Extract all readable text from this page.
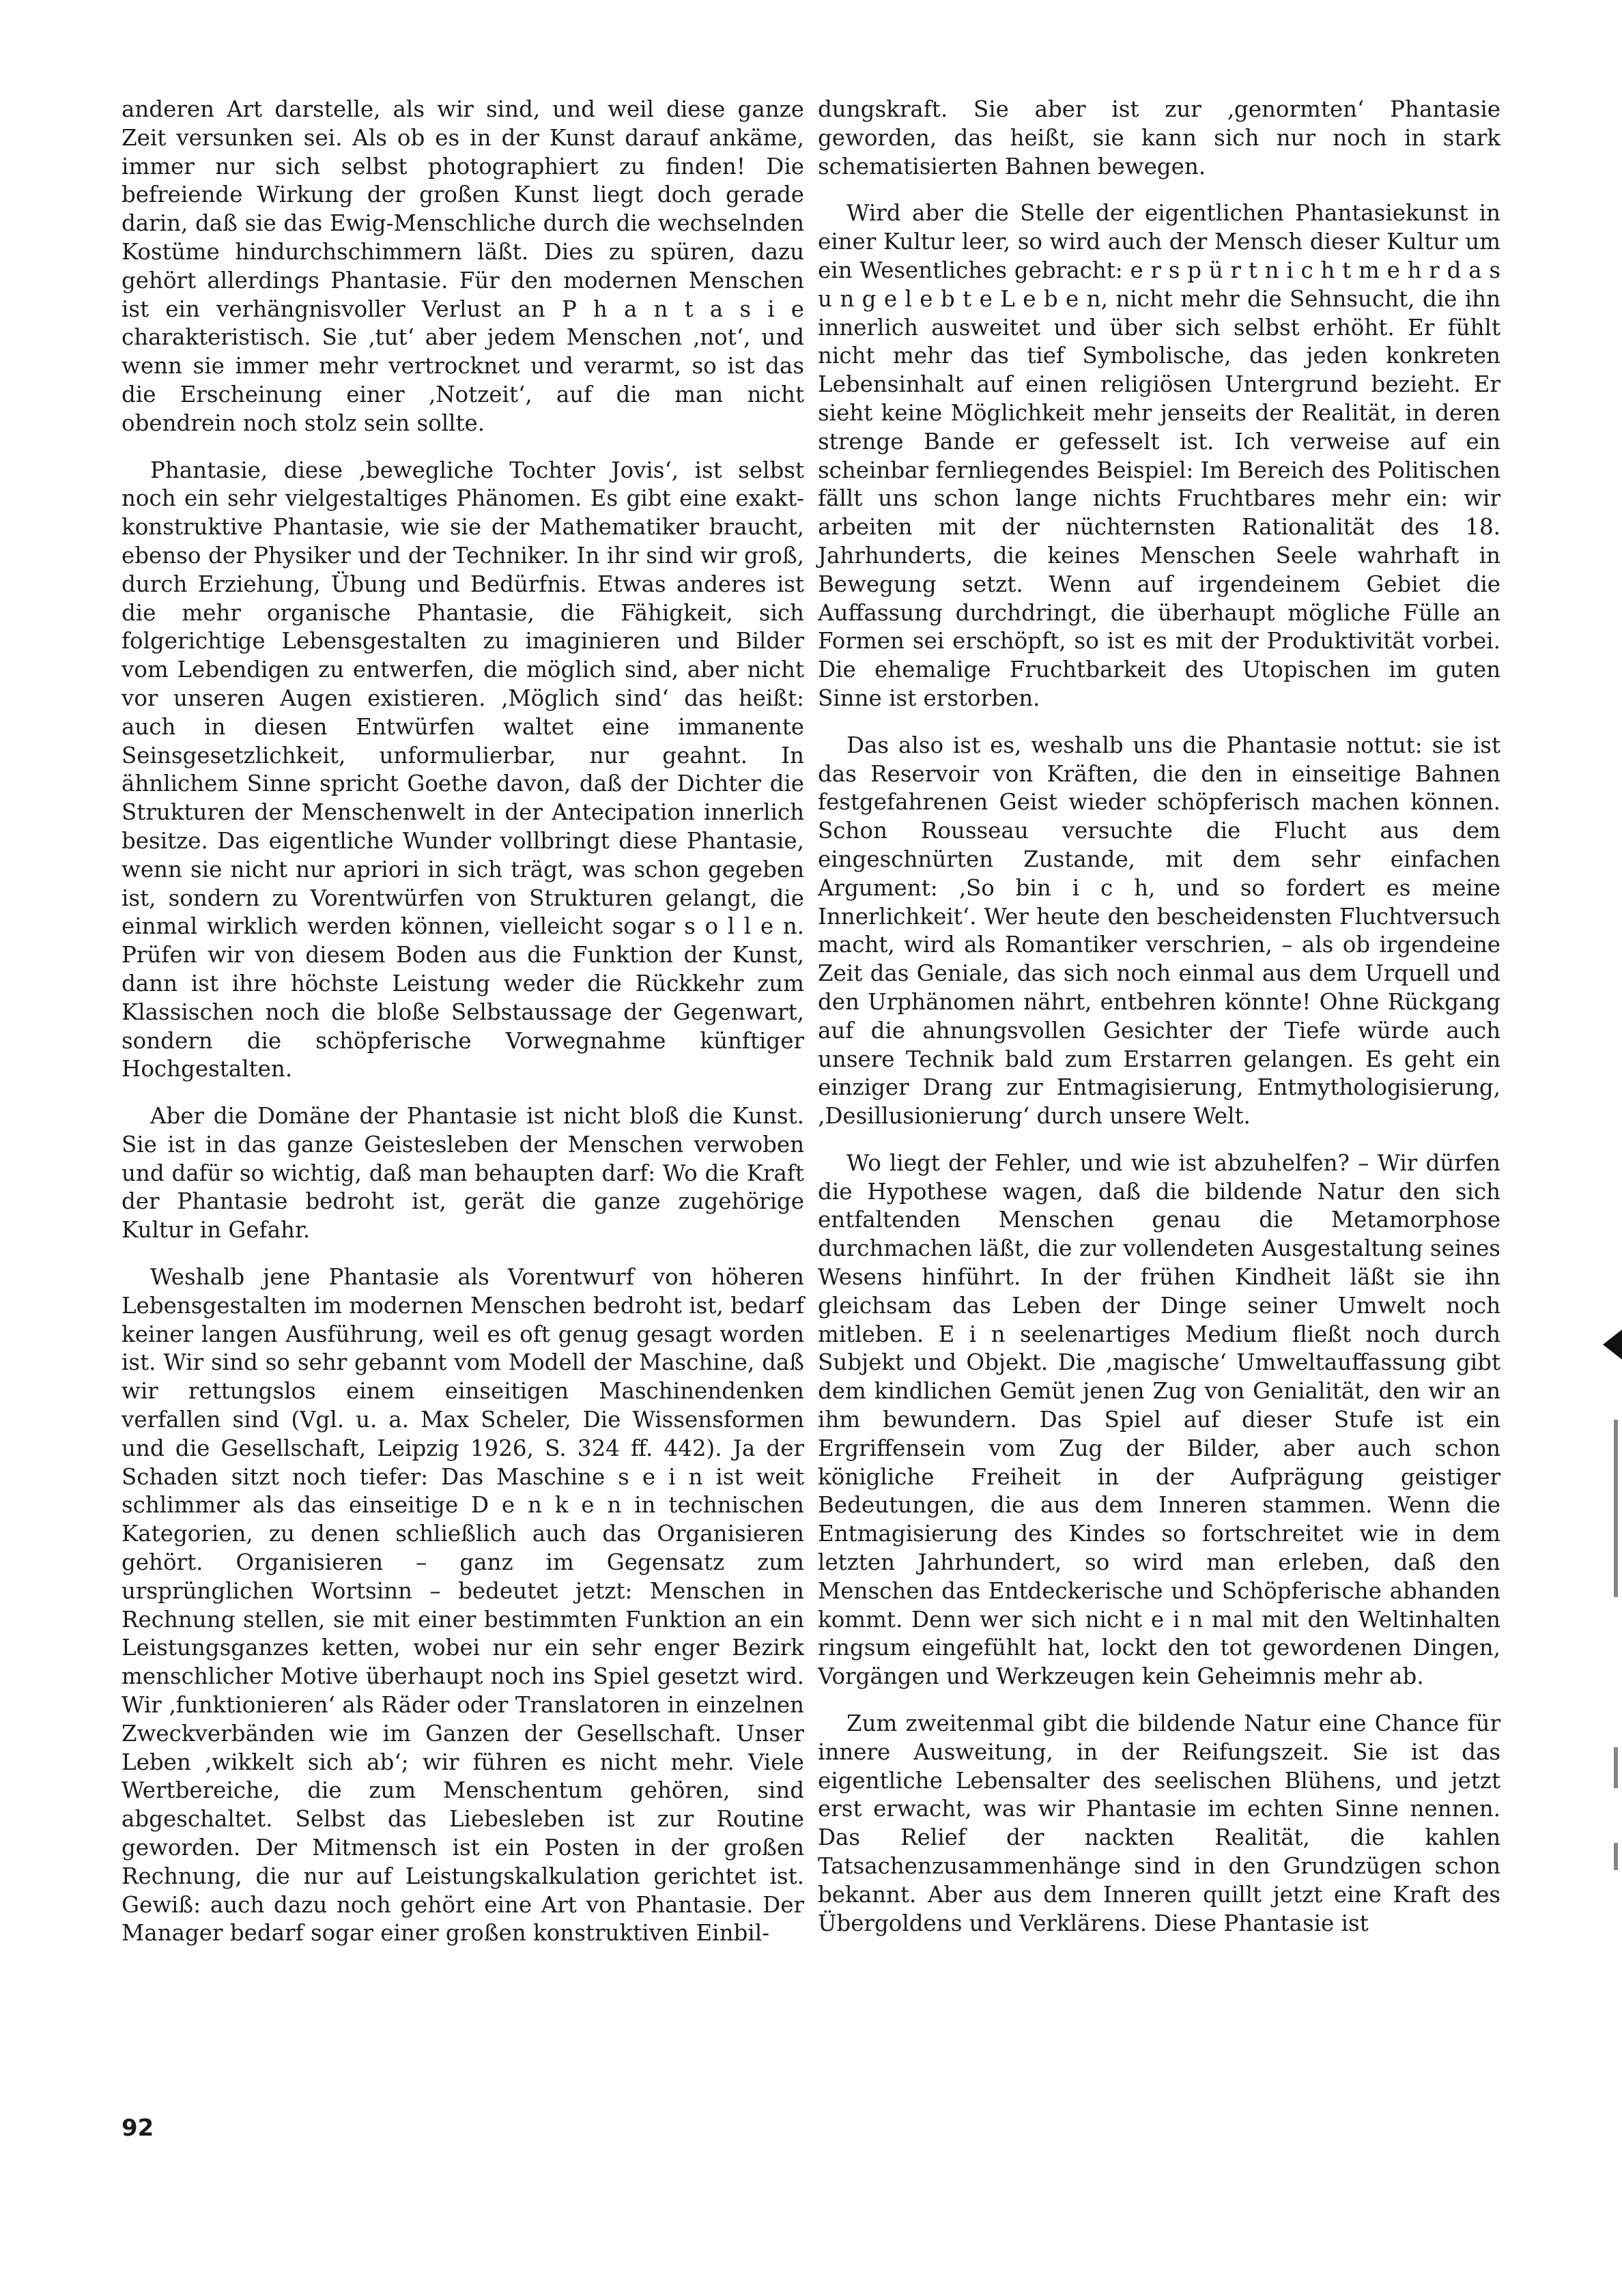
anderen Art darstelle, als wir sind, und weil diese ganze Zeit versunken sei. Als ob es in der Kunst darauf ankäme, immer nur sich selbst photographiert zu finden! Die befreiende Wirkung der großen Kunst liegt doch gerade darin, daß sie das Ewig-Menschliche durch die wechselnden Kostüme hindurchschimmern läßt. Dies zu spüren, dazu gehört allerdings Phantasie. Für den modernen Menschen ist ein verhängnisvoller Verlust an P h a n t a s i e charakteristisch. Sie ‚tut‘ aber jedem Menschen ‚not‘, und wenn sie immer mehr vertrocknet und verarmt, so ist das die Erscheinung einer ‚Notzeit‘, auf die man nicht obendrein noch stolz sein sollte.

Phantasie, diese ‚bewegliche Tochter Jovis‘, ist selbst noch ein sehr vielgestaltiges Phänomen. Es gibt eine exakt-konstruktive Phantasie, wie sie der Mathematiker braucht, ebenso der Physiker und der Techniker. In ihr sind wir groß, durch Erziehung, Übung und Bedürfnis. Etwas anderes ist die mehr organische Phantasie, die Fähigkeit, sich folgerichtige Lebensgestalten zu imaginieren und Bilder vom Lebendigen zu entwerfen, die möglich sind, aber nicht vor unseren Augen existieren. ‚Möglich sind‘ das heißt: auch in diesen Entwürfen waltet eine immanente Seinsgesetzlichkeit, unformulierbar, nur geahnt. In ähnlichem Sinne spricht Goethe davon, daß der Dichter die Strukturen der Menschenwelt in der Antecipation innerlich besitze. Das eigentliche Wunder vollbringt diese Phantasie, wenn sie nicht nur apriori in sich trägt, was schon gegeben ist, sondern zu Vorentwürfen von Strukturen gelangt, die einmal wirklich werden können, vielleicht sogar s o l l e n. Prüfen wir von diesem Boden aus die Funktion der Kunst, dann ist ihre höchste Leistung weder die Rückkehr zum Klassischen noch die bloße Selbstaussage der Gegenwart, sondern die schöpferische Vorwegnahme künftiger Hochgestalten.

Aber die Domäne der Phantasie ist nicht bloß die Kunst. Sie ist in das ganze Geistesleben der Menschen verwoben und dafür so wichtig, daß man behaupten darf: Wo die Kraft der Phantasie bedroht ist, gerät die ganze zugehörige Kultur in Gefahr.

Weshalb jene Phantasie als Vorentwurf von höheren Lebensgestalten im modernen Menschen bedroht ist, bedarf keiner langen Ausführung, weil es oft genug gesagt worden ist. Wir sind so sehr gebannt vom Modell der Maschine, daß wir rettungslos einem einseitigen Maschinendenken verfallen sind (Vgl. u. a. Max Scheler, Die Wissensformen und die Gesellschaft, Leipzig 1926, S. 324 ff. 442). Ja der Schaden sitzt noch tiefer: Das Maschine s e i n ist weit schlimmer als das einseitige D e n k e n in technischen Kategorien, zu denen schließlich auch das Organisieren gehört. Organisieren – ganz im Gegensatz zum ursprünglichen Wortsinn – bedeutet jetzt: Menschen in Rechnung stellen, sie mit einer bestimmten Funktion an ein Leistungsganzes ketten, wobei nur ein sehr enger Bezirk menschlicher Motive überhaupt noch ins Spiel gesetzt wird. Wir ‚funktionieren‘ als Räder oder Translatoren in einzelnen Zweckverbänden wie im Ganzen der Gesellschaft. Unser Leben ‚wikkelt sich ab‘; wir führen es nicht mehr. Viele Wertbereiche, die zum Menschentum gehören, sind abgeschaltet. Selbst das Liebesleben ist zur Routine geworden. Der Mitmensch ist ein Posten in der großen Rechnung, die nur auf Leistungskalkulation gerichtet ist. Gewiß: auch dazu noch gehört eine Art von Phantasie. Der Manager bedarf sogar einer großen konstruktiven Einbil-

dungskraft. Sie aber ist zur ‚genormten‘ Phantasie geworden, das heißt, sie kann sich nur noch in stark schematisierten Bahnen bewegen.

Wird aber die Stelle der eigentlichen Phantasiekunst in einer Kultur leer, so wird auch der Mensch dieser Kultur um ein Wesentliches gebracht: e r s p ü r t n i c h t m e h r d a s u n g e l e b t e L e b e n, nicht mehr die Sehnsucht, die ihn innerlich ausweitet und über sich selbst erhöht. Er fühlt nicht mehr das tief Symbolische, das jeden konkreten Lebensinhalt auf einen religiösen Untergrund bezieht. Er sieht keine Möglichkeit mehr jenseits der Realität, in deren strenge Bande er gefesselt ist. Ich verweise auf ein scheinbar fernliegendes Beispiel: Im Bereich des Politischen fällt uns schon lange nichts Fruchtbares mehr ein: wir arbeiten mit der nüchternsten Rationalität des 18. Jahrhunderts, die keines Menschen Seele wahrhaft in Bewegung setzt. Wenn auf irgendeinem Gebiet die Auffassung durchdringt, die überhaupt mögliche Fülle an Formen sei erschöpft, so ist es mit der Produktivität vorbei. Die ehemalige Fruchtbarkeit des Utopischen im guten Sinne ist erstorben.

Das also ist es, weshalb uns die Phantasie nottut: sie ist das Reservoir von Kräften, die den in einseitige Bahnen festgefahrenen Geist wieder schöpferisch machen können. Schon Rousseau versuchte die Flucht aus dem eingeschnürten Zustande, mit dem sehr einfachen Argument: ‚So bin i c h, und so fordert es meine Innerlichkeit‘. Wer heute den bescheidensten Fluchtversuch macht, wird als Romantiker verschrien, – als ob irgendeine Zeit das Geniale, das sich noch einmal aus dem Urquell und den Urphänomen nährt, entbehren könnte! Ohne Rückgang auf die ahnungsvollen Gesichter der Tiefe würde auch unsere Technik bald zum Erstarren gelangen. Es geht ein einziger Drang zur Entmagisierung, Entmythologisierung, ‚Desillusionierung‘ durch unsere Welt.

Wo liegt der Fehler, und wie ist abzuhelfen? – Wir dürfen die Hypothese wagen, daß die bildende Natur den sich entfaltenden Menschen genau die Metamorphose durchmachen läßt, die zur vollendeten Ausgestaltung seines Wesens hinführt. In der frühen Kindheit läßt sie ihn gleichsam das Leben der Dinge seiner Umwelt noch mitleben. E i n seelenartiges Medium fließt noch durch Subjekt und Objekt. Die ‚magische‘ Umweltauffassung gibt dem kindlichen Gemüt jenen Zug von Genialität, den wir an ihm bewundern. Das Spiel auf dieser Stufe ist ein Ergriffensein vom Zug der Bilder, aber auch schon königliche Freiheit in der Aufprägung geistiger Bedeutungen, die aus dem Inneren stammen. Wenn die Entmagisierung des Kindes so fortschreitet wie in dem letzten Jahrhundert, so wird man erleben, daß den Menschen das Entdeckerische und Schöpferische abhanden kommt. Denn wer sich nicht e i n mal mit den Weltinhalten ringsum eingefühlt hat, lockt den tot gewordenen Dingen, Vorgängen und Werkzeugen kein Geheimnis mehr ab.

Zum zweitenmal gibt die bildende Natur eine Chance für innere Ausweitung, in der Reifungszeit. Sie ist das eigentliche Lebensalter des seelischen Blühens, und jetzt erst erwacht, was wir Phantasie im echten Sinne nennen. Das Relief der nackten Realität, die kahlen Tatsachenzusammenhänge sind in den Grundzügen schon bekannt. Aber aus dem Inneren quillt jetzt eine Kraft des Übergoldens und Verklärens. Diese Phantasie ist

92
